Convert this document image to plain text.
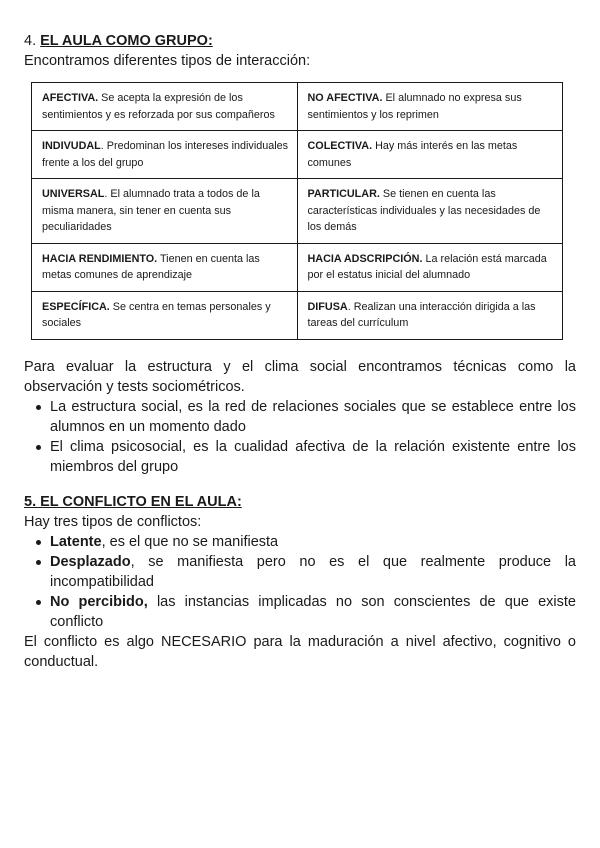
4. EL AULA COMO GRUPO:
Encontramos diferentes tipos de interacción:
AFECTIVA. Se acepta la expresión de los sentimientos y es reforzada por sus compañeros	NO AFECTIVA. El alumnado no expresa sus sentimientos y los reprimen
INDIVUDAL. Predominan los intereses individuales frente a los del grupo	COLECTIVA. Hay más interés en las metas comunes
UNIVERSAL. El alumnado trata a todos de la misma manera, sin tener en cuenta sus peculiaridades	PARTICULAR. Se tienen en cuenta las características individuales y las necesidades de los demás
HACIA RENDIMIENTO. Tienen en cuenta las metas comunes de aprendizaje	HACIA ADSCRIPCIÓN. La relación está marcada por el estatus inicial del alumnado
ESPECÍFICA. Se centra en temas personales y sociales	DIFUSA. Realizan una interacción dirigida a las tareas del currículum
Para evaluar la estructura y el clima social encontramos técnicas como la observación y tests sociométricos.
La estructura social, es la red de relaciones sociales que se establece entre los alumnos en un momento dado
El clima psicosocial, es la cualidad afectiva de la relación existente entre los miembros del grupo
5. EL CONFLICTO EN EL AULA:
Hay tres tipos de conflictos:
Latente, es el que no se manifiesta
Desplazado, se manifiesta pero no es el que realmente produce la incompatibilidad
No percibido, las instancias implicadas no son conscientes de que existe conflicto
El conflicto es algo NECESARIO para la maduración a nivel afectivo, cognitivo o conductual.
